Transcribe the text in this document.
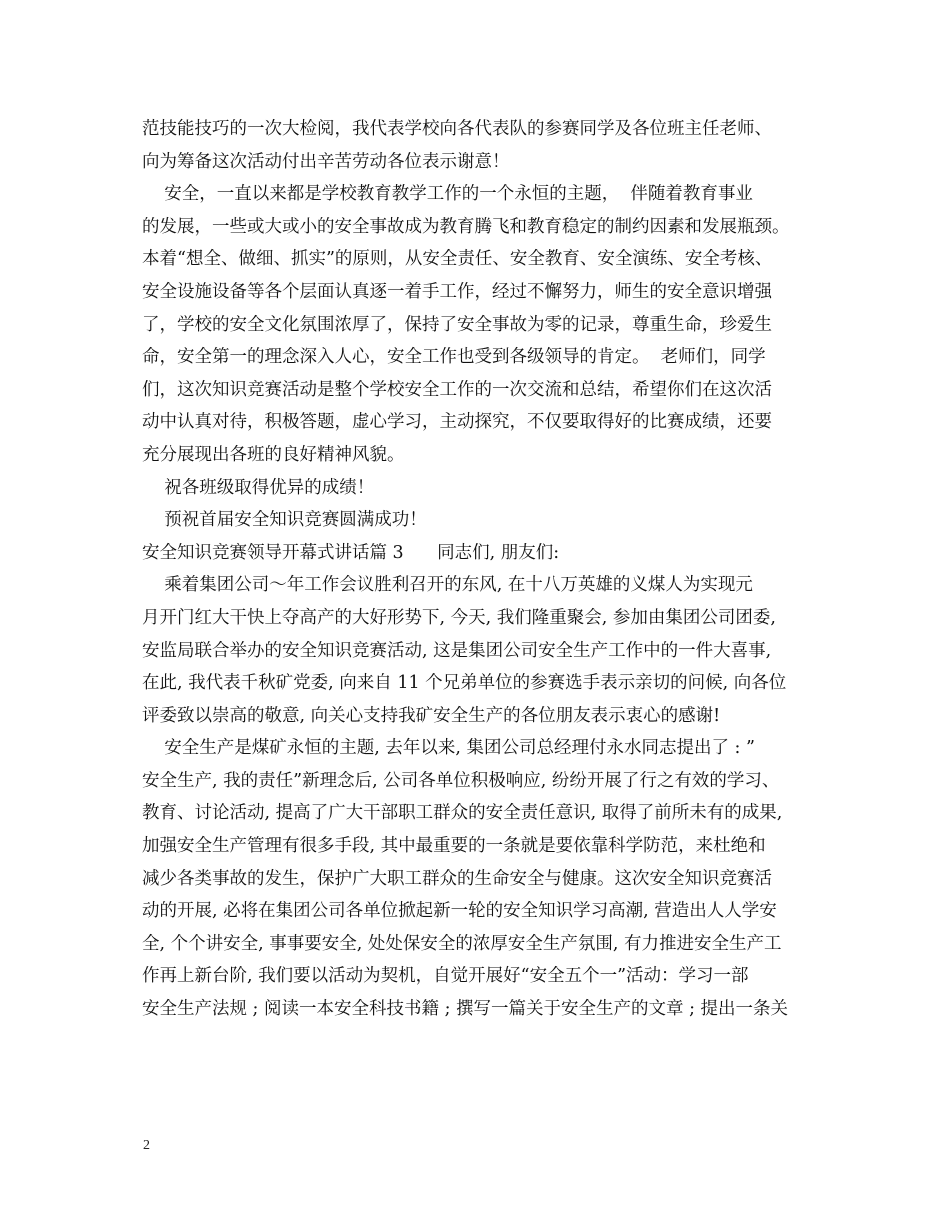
范技能技巧的一次大检阅，我代表学校向各代表队的参赛同学及各位班主任老师、
向为筹备这次活动付出辛苦劳动各位表示谢意！
安全，一直以来都是学校教育教学工作的一个永恒的主题，  伴随着教育事业
的发展，一些或大或小的安全事故成为教育腾飞和教育稳定的制约因素和发展瓶颈。
本着“想全、做细、抓实”的原则，从安全责任、安全教育、安全演练、安全考核、
安全设施设备等各个层面认真逐一着手工作，经过不懈努力，师生的安全意识增强
了，学校的安全文化氛围浓厚了，保持了安全事故为零的记录，尊重生命，珍爱生
命，安全第一的理念深入人心，安全工作也受到各级领导的肯定。  老师们，同学
们，这次知识竞赛活动是整个学校安全工作的一次交流和总结，希望你们在这次活
动中认真对待，积极答题，虚心学习，主动探究，不仅要取得好的比赛成绩，还要
充分展现出各班的良好精神风貌。
祝各班级取得优异的成绩！
预祝首届安全知识竞赛圆满成功！
安全知识竞赛领导开幕式讲话篇 3      同志们, 朋友们:
乘着集团公司～年工作会议胜利召开的东风, 在十八万英雄的义煤人为实现元
月开门红大干快上夺高产的大好形势下, 今天, 我们隆重聚会, 参加由集团公司团委,
安监局联合举办的安全知识竞赛活动, 这是集团公司安全生产工作中的一件大喜事,
在此, 我代表千秋矿党委, 向来自 11 个兄弟单位的参赛选手表示亲切的问候, 向各位
评委致以崇高的敬意, 向关心支持我矿安全生产的各位朋友表示衷心的感谢!
安全生产是煤矿永恒的主题, 去年以来, 集团公司总经理付永水同志提出了 : ”
安全生产, 我的责任”新理念后, 公司各单位积极响应, 纷纷开展了行之有效的学习、
教育、讨论活动, 提高了广大干部职工群众的安全责任意识, 取得了前所未有的成果,
加强安全生产管理有很多手段, 其中最重要的一条就是要依靠科学防范，来杜绝和
减少各类事故的发生，保护广大职工群众的生命安全与健康。这次安全知识竞赛活
动的开展, 必将在集团公司各单位掀起新一轮的安全知识学习高潮, 营造出人人学安
全, 个个讲安全, 事事要安全, 处处保安全的浓厚安全生产氛围, 有力推进安全生产工
作再上新台阶, 我们要以活动为契机，自觉开展好“安全五个一”活动：学习一部
安全生产法规 ; 阅读一本安全科技书籍 ; 撰写一篇关于安全生产的文章 ; 提出一条关
2
